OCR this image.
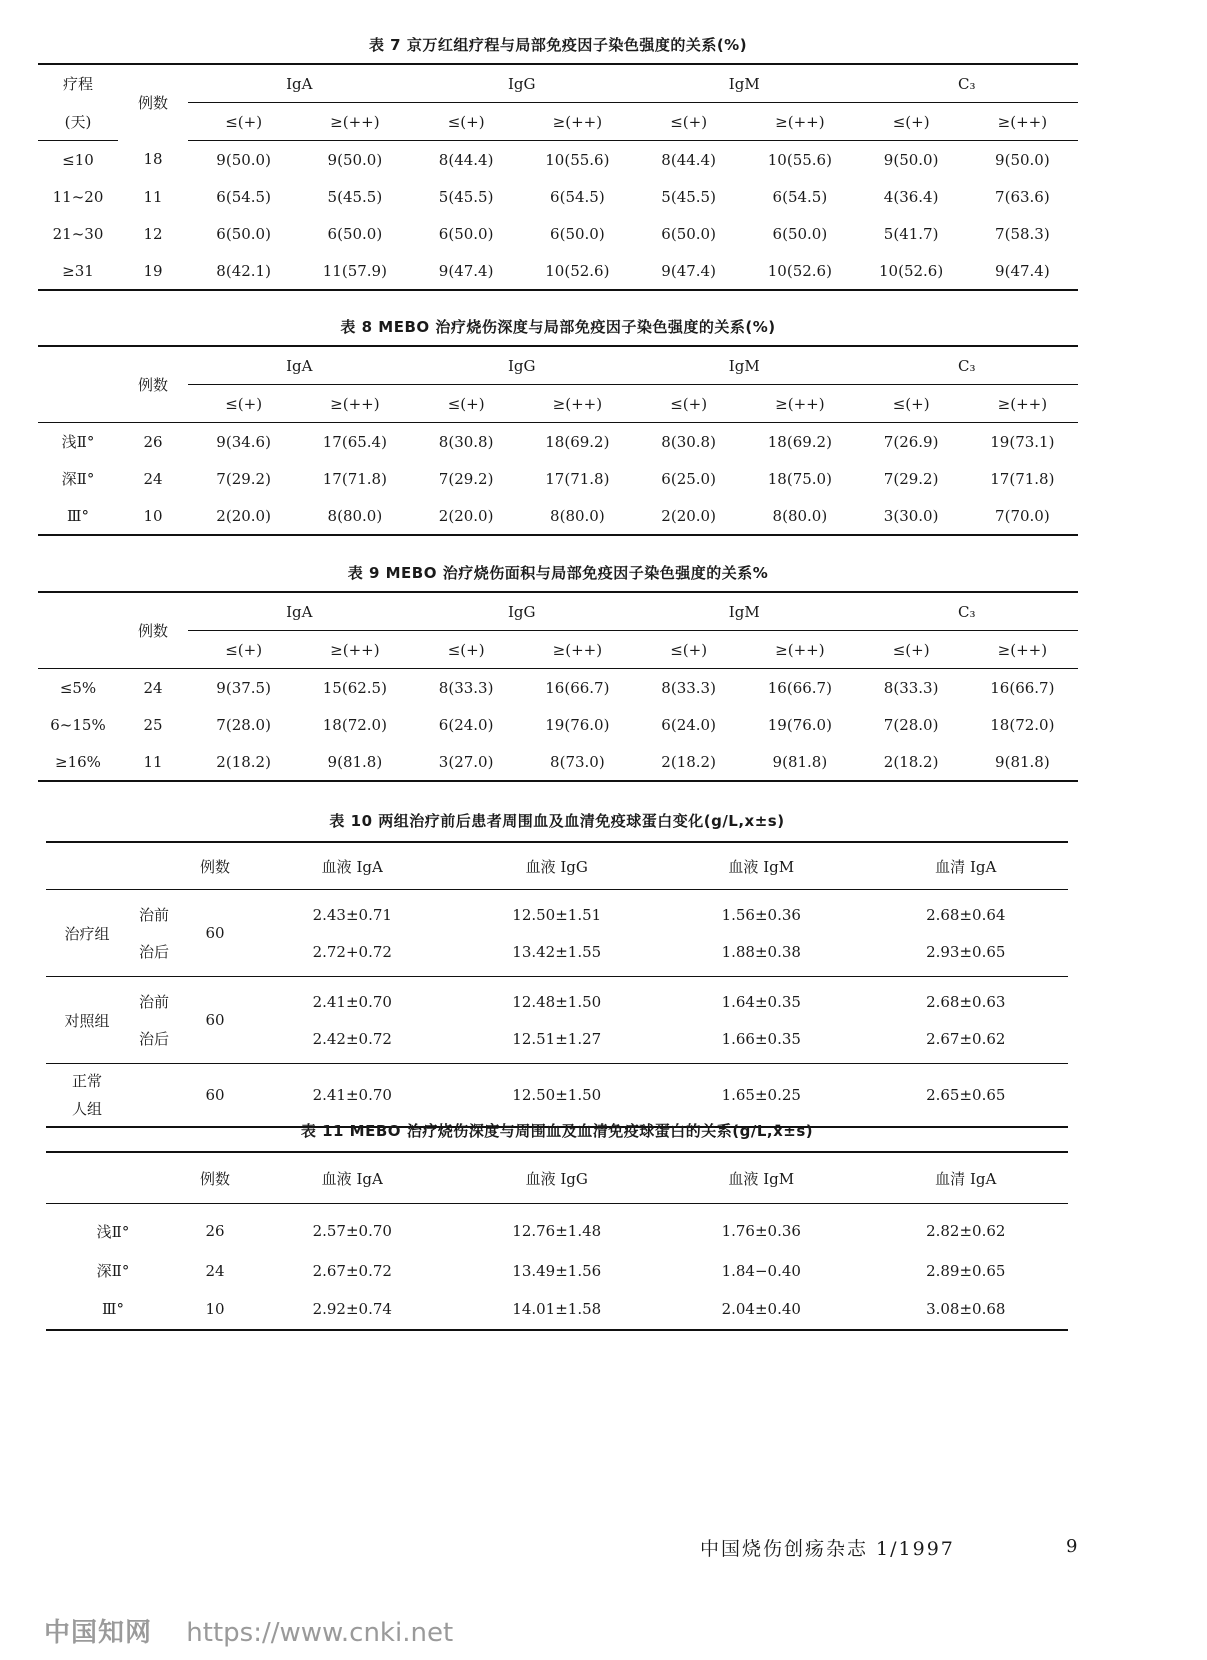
表 7 京万红组疗程与局部免疫因子染色强度的关系(%)
疗程	例数	IgA		IgG		IgM		C₃	
(天)		≤(+)	≥(++)	≤(+)	≥(++)	≤(+)	≥(++)	≤(+)	≥(++)
≤10	18	9(50.0)	9(50.0)	8(44.4)	10(55.6)	8(44.4)	10(55.6)	9(50.0)	9(50.0)
11~20	11	6(54.5)	5(45.5)	5(45.5)	6(54.5)	5(45.5)	6(54.5)	4(36.4)	7(63.6)
21~30	12	6(50.0)	6(50.0)	6(50.0)	6(50.0)	6(50.0)	6(50.0)	5(41.7)	7(58.3)
≥31	19	8(42.1)	11(57.9)	9(47.4)	10(52.6)	9(47.4)	10(52.6)	10(52.6)	9(47.4)
表 8 MEBO 治疗烧伤深度与局部免疫因子染色强度的关系(%)
	例数	IgA		IgG		IgM		C₃	
		≤(+)	≥(++)	≤(+)	≥(++)	≤(+)	≥(++)	≤(+)	≥(++)
浅Ⅱ°	26	9(34.6)	17(65.4)	8(30.8)	18(69.2)	8(30.8)	18(69.2)	7(26.9)	19(73.1)
深Ⅱ°	24	7(29.2)	17(71.8)	7(29.2)	17(71.8)	6(25.0)	18(75.0)	7(29.2)	17(71.8)
Ⅲ°	10	2(20.0)	8(80.0)	2(20.0)	8(80.0)	2(20.0)	8(80.0)	3(30.0)	7(70.0)
表 9 MEBO 治疗烧伤面积与局部免疫因子染色强度的关系%
	例数	IgA		IgG		IgM		C₃	
		≤(+)	≥(++)	≤(+)	≥(++)	≤(+)	≥(++)	≤(+)	≥(++)
≤5%	24	9(37.5)	15(62.5)	8(33.3)	16(66.7)	8(33.3)	16(66.7)	8(33.3)	16(66.7)
6~15%	25	7(28.0)	18(72.0)	6(24.0)	19(76.0)	6(24.0)	19(76.0)	7(28.0)	18(72.0)
≥16%	11	2(18.2)	9(81.8)	3(27.0)	8(73.0)	2(18.2)	9(81.8)	2(18.2)	9(81.8)
表 10 两组治疗前后患者周围血及血清免疫球蛋白变化(g/L,x±s)
		例数	血液 IgA	血液 IgG	血液 IgM	血清 IgA
治疗组	治前	60	2.43±0.71	12.50±1.51	1.56±0.36	2.68±0.64
	治后		2.72+0.72	13.42±1.55	1.88±0.38	2.93±0.65
对照组	治前	60	2.41±0.70	12.48±1.50	1.64±0.35	2.68±0.63
	治后		2.42±0.72	12.51±1.27	1.66±0.35	2.67±0.62

正常
人组		60	2.41±0.70	12.50±1.50	1.65±0.25	2.65±0.65
表 11 MEBO 治疗烧伤深度与周围血及血清免疫球蛋白的关系(g/L,x̄±s)
	例数	血液 IgA	血液 IgG	血液 IgM	血清 IgA
浅Ⅱ°	26	2.57±0.70	12.76±1.48	1.76±0.36	2.82±0.62
深Ⅱ°	24	2.67±0.72	13.49±1.56	1.84−0.40	2.89±0.65
Ⅲ°	10	2.92±0.74	14.01±1.58	2.04±0.40	3.08±0.68
中国烧伤创疡杂志 1/1997	9
中国知网 https://www.cnki.net
